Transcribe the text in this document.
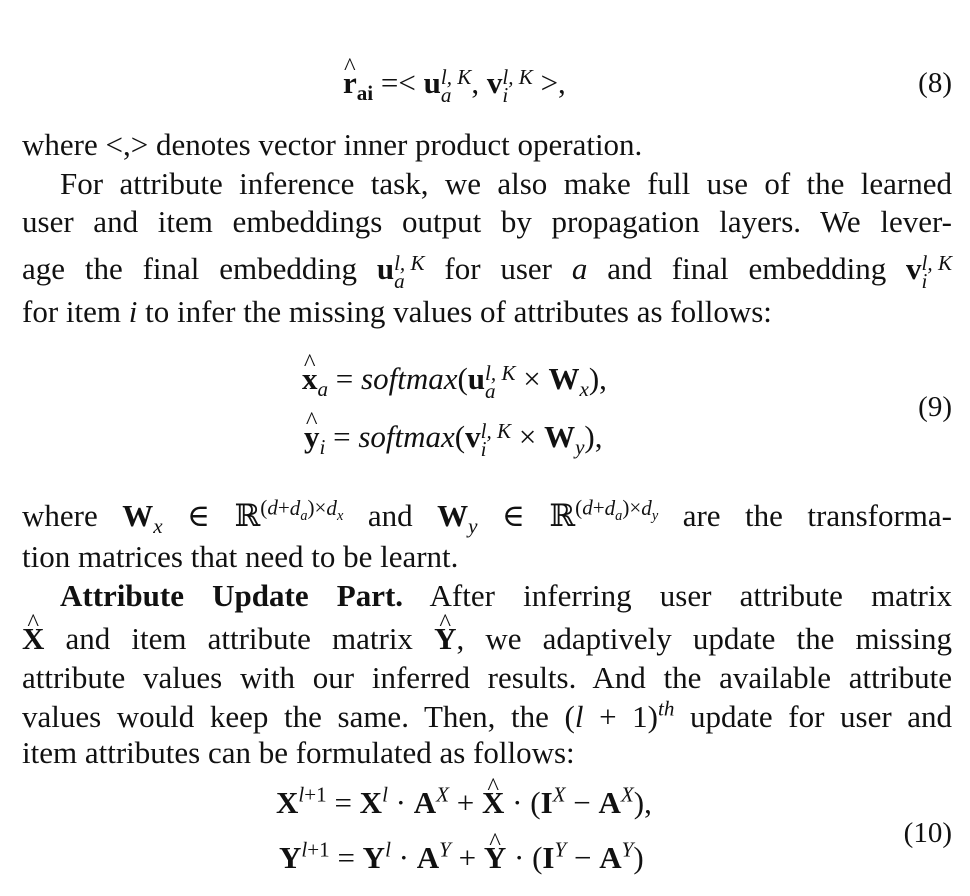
^ $r_{ai} =< u$ l, K
a , v l, K
i >,	(8)
where <,> denotes vector inner product operation.
For attribute inference task, we also make full use of the learned
user and item embeddings output by propagation layers. We lever-
age the final embedding u l, K
a	for user a and final embedding v l, K
i
for item i to infer the missing values of attributes as follows:
^ $x_a$ = softmax(u l, K
$a \times W_x$),
^ $y_i$ = softmax(v l, K
$i \times W_y$),
(9)
where $W_x$ ∈ ℝ$^{(d+d_a)\times d_x}$ and $W_y$ ∈ ℝ$^{(d+d_a)\times d_y}$ are the transforma-
tion matrices that need to be learnt.
Attribute Update Part. After inferring user attribute matrix
^ X and item attribute matrix ^ Y, we adaptively update the missing
attribute values with our inferred results. And the available attribute
values would keep the same. Then, the $(l + 1)^{th}$ update for user and
item attributes can be formulated as follows:
$X^{l+1} = X^l \cdot A^X$ + ^ $X \cdot (I^X - A^X)$,
$Y^{l+1} = Y^l \cdot A^Y$ + ^ $Y \cdot (I^Y - A^Y)$
(10)
